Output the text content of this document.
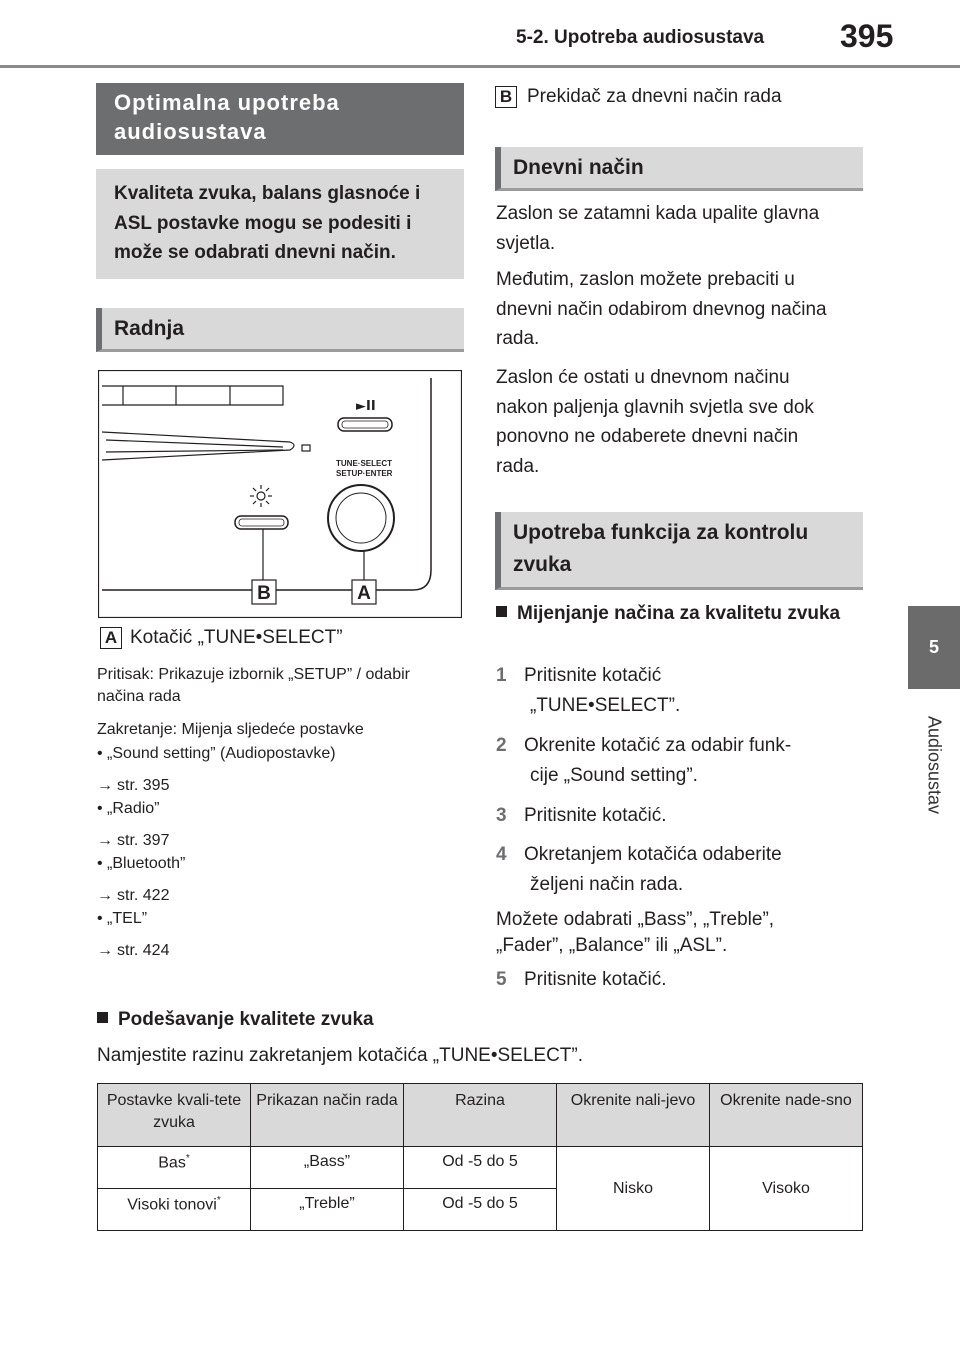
5-2. Upotreba audiosustava 395
5
Audiosustav
Optimalna upotreba audiosustava
Kvaliteta zvuka, balans glasnoće i ASL postavke mogu se podesiti i može se odabrati dnevni način.
Radnja
►II
TUNE·SELECT
SETUP·ENTER
B	A
A Kotačić „TUNE•SELECT”
Pritisak: Prikazuje izbornik „SETUP” / odabir načina rada
Zakretanje: Mijenja sljedeće postavke
• „Sound setting” (Audiopostavke)
→ str. 395
• „Radio”
→ str. 397
• „Bluetooth”
→ str. 422
• „TEL”
→ str. 424
B Prekidač za dnevni način rada
Dnevni način
Zaslon se zatamni kada upalite glavna svjetla.
Međutim, zaslon možete prebaciti u dnevni način odabirom dnevnog načina rada.
Zaslon će ostati u dnevnom načinu nakon paljenja glavnih svjetla sve dok ponovno ne odaberete dnevni način rada.
Upotreba funkcija za kontrolu zvuka
Mijenjanje načina za kvalitetu zvuka
1 Pritisnite kotačić
„TUNE•SELECT”.
2 Okrenite kotačić za odabir funk-
cije „Sound setting”.
3 Pritisnite kotačić.
4 Okretanjem kotačića odaberite
željeni način rada.
Možete odabrati „Bass”, „Treble”, „Fader”, „Balance” ili „ASL”.
5 Pritisnite kotačić.
Podešavanje kvalitete zvuka
Namjestite razinu zakretanjem kotačića „TUNE•SELECT”.
Postavke kvali-tete zvuka	Prikazan način rada	Razina	Okrenite nali-jevo	Okrenite nade-sno
Bas*	„Bass”	Od -5 do 5	Nisko	Visoko
Visoki tonovi*	„Treble”	Od -5 do 5		
